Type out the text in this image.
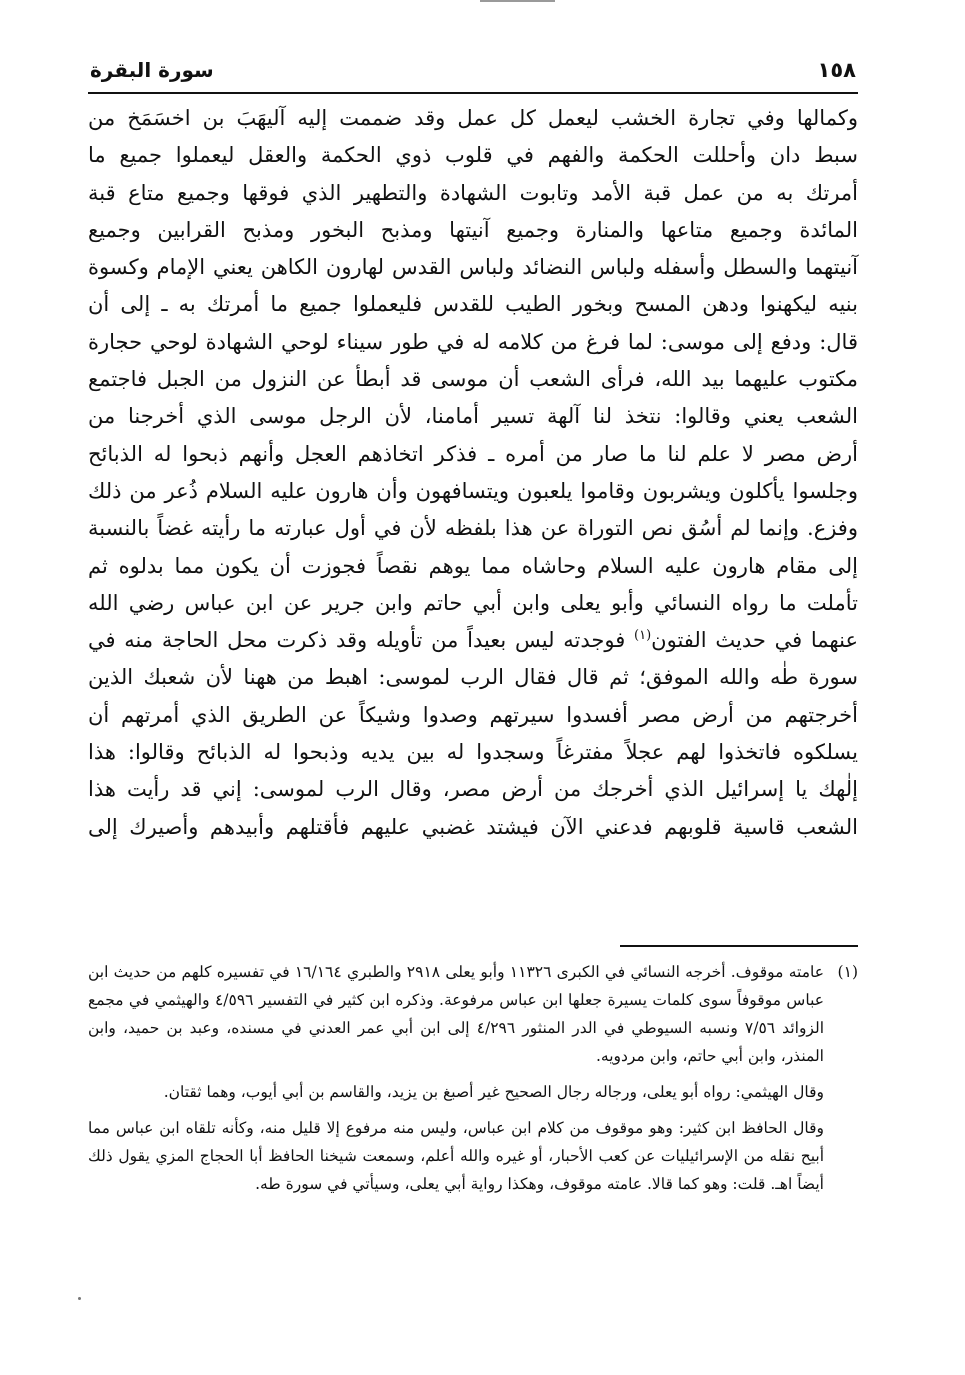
١٥٨
سورة البقرة

وكمالها وفي تجارة الخشب ليعمل كل عمل وقد ضممت إليه آليهَبَ بن اخسَمَخ من

سبط دان وأحللت الحكمة والفهم في قلوب ذوي الحكمة والعقل ليعملوا جميع ما

أمرتك به من عمل قبة الأمد وتابوت الشهادة والتطهير الذي فوقها وجميع متاع قبة

المائدة وجميع متاعها والمنارة وجميع آنيتها ومذبح البخور ومذبح القرابين وجميع

آنيتهما والسطل وأسفله ولباس النضائد ولباس القدس لهارون الكاهن يعني الإمام وكسوة

بنيه ليكهنوا ودهن المسح وبخور الطيب للقدس فليعملوا جميع ما أمرتك به ـ إلى أن

قال: ودفع إلى موسى: لما فرغ من كلامه له في طور سيناء لوحي الشهادة لوحي حجارة

مكتوب عليهما بيد الله، فرأى الشعب أن موسى قد أبطأ عن النزول من الجبل فاجتمع

الشعب يعني وقالوا: نتخذ لنا آلهة تسير أمامنا، لأن الرجل موسى الذي أخرجنا من

أرض مصر لا علم لنا ما صار من أمره ـ فذكر اتخاذهم العجل وأنهم ذبحوا له الذبائح

وجلسوا يأكلون ويشربون وقاموا يلعبون ويتسافهون وأن هارون عليه السلام ذُعر من ذلك

وفزع. وإنما لم أسُق نص التوراة عن هذا بلفظه لأن في أول عبارته ما رأيته غضاً بالنسبة

إلى مقام هارون عليه السلام وحاشاه مما يوهم نقصاً فجوزت أن يكون مما بدلوه ثم

تأملت ما رواه النسائي وأبو يعلى وابن أبي حاتم وابن جرير عن ابن عباس رضي الله

عنهما في حديث الفتون$^{(١)}$ فوجدته ليس بعيداً من تأويله وقد ذكرت محل الحاجة منه في

سورة طٰه والله الموفق؛ ثم قال فقال الرب لموسى: اهبط من ههنا لأن شعبك الذين

أخرجتهم من أرض مصر أفسدوا سيرتهم وصدوا وشيكاً عن الطريق الذي أمرتهم أن

يسلكوه فاتخذوا لهم عجلاً مفترغاً وسجدوا له بين يديه وذبحوا له الذبائح وقالوا: هذا

إلٰهك يا إسرائيل الذي أخرجك من أرض مصر، وقال الرب لموسى: إني قد رأيت هذا

الشعب قاسية قلوبهم فدعني الآن فيشتد غضبي عليهم فأقتلهم وأبيدهم وأصيرك إلى

(١)

عامته موقوف. أخرجه النسائي في الكبرى ١١٣٢٦ وأبو يعلى ٢٩١٨ والطبري ١٦/١٦٤ في تفسيره كلهم من حديث ابن عباس موقوفاً سوى كلمات يسيرة جعلها ابن عباس مرفوعة. وذكره ابن كثير في التفسير ٤/٥٩٦ والهيثمي في مجمع الزوائد ٧/٥٦ ونسبه السيوطي في الدر المنثور ٤/٢٩٦ إلى ابن أبي عمر العدني في مسنده، وعبد بن حميد، وابن المنذر، وابن أبي حاتم، وابن مردويه.

وقال الهيثمي: رواه أبو يعلى، ورجاله رجال الصحيح غير أصبغ بن يزيد، والقاسم بن أبي أيوب، وهما ثقتان.

وقال الحافظ ابن كثير: وهو موقوف من كلام ابن عباس، وليس منه مرفوع إلا قليل منه، وكأنه تلقاه ابن عباس مما أبيح نقله من الإسرائيليات عن كعب الأحبار، أو غيره والله أعلم، وسمعت شيخنا الحافظ أبا الحجاج المزي يقول ذلك أيضاً اهـ. قلت: وهو كما قالا. عامته موقوف، وهكذا رواية أبي يعلى، وسيأتي في سورة طه.
